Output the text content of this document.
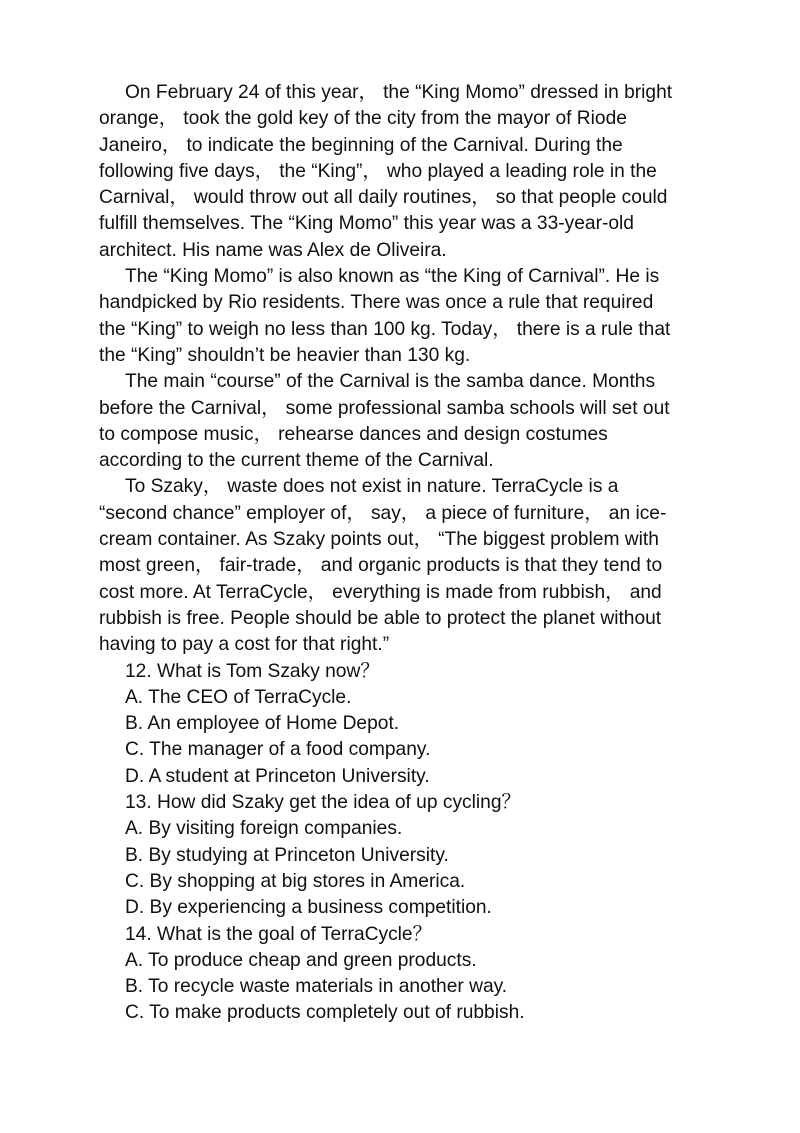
On February 24 of this year， the “King Momo” dressed in bright
orange， took the gold key of the city from the mayor of Riode
Janeiro， to indicate the beginning of the Carnival. During the
following five days， the “King”， who played a leading role in the
Carnival， would throw out all daily routines， so that people could
fulfill themselves. The “King Momo” this year was a 33-year-old
architect. His name was Alex de Oliveira.

The “King Momo” is also known as “the King of Carnival”. He is
handpicked by Rio residents. There was once a rule that required
the “King” to weigh no less than 100 kg. Today， there is a rule that
the “King” shouldn’t be heavier than 130 kg.

The main “course” of the Carnival is the samba dance. Months
before the Carnival， some professional samba schools will set out
to compose music， rehearse dances and design costumes
according to the current theme of the Carnival.

To Szaky， waste does not exist in nature. TerraCycle is a
“second chance” employer of， say， a piece of furniture， an ice-
cream container. As Szaky points out， “The biggest problem with
most green， fair-trade， and organic products is that they tend to
cost more. At TerraCycle， everything is made from rubbish， and
rubbish is free. People should be able to protect the planet without
having to pay a cost for that right.”

12. What is Tom Szaky now？

A. The CEO of TerraCycle.

B. An employee of Home Depot.

C. The manager of a food company.

D. A student at Princeton University.

13. How did Szaky get the idea of up cycling？

A. By visiting foreign companies.

B. By studying at Princeton University.

C. By shopping at big stores in America.

D. By experiencing a business competition.

14. What is the goal of TerraCycle？

A. To produce cheap and green products.

B. To recycle waste materials in another way.

C. To make products completely out of rubbish.
